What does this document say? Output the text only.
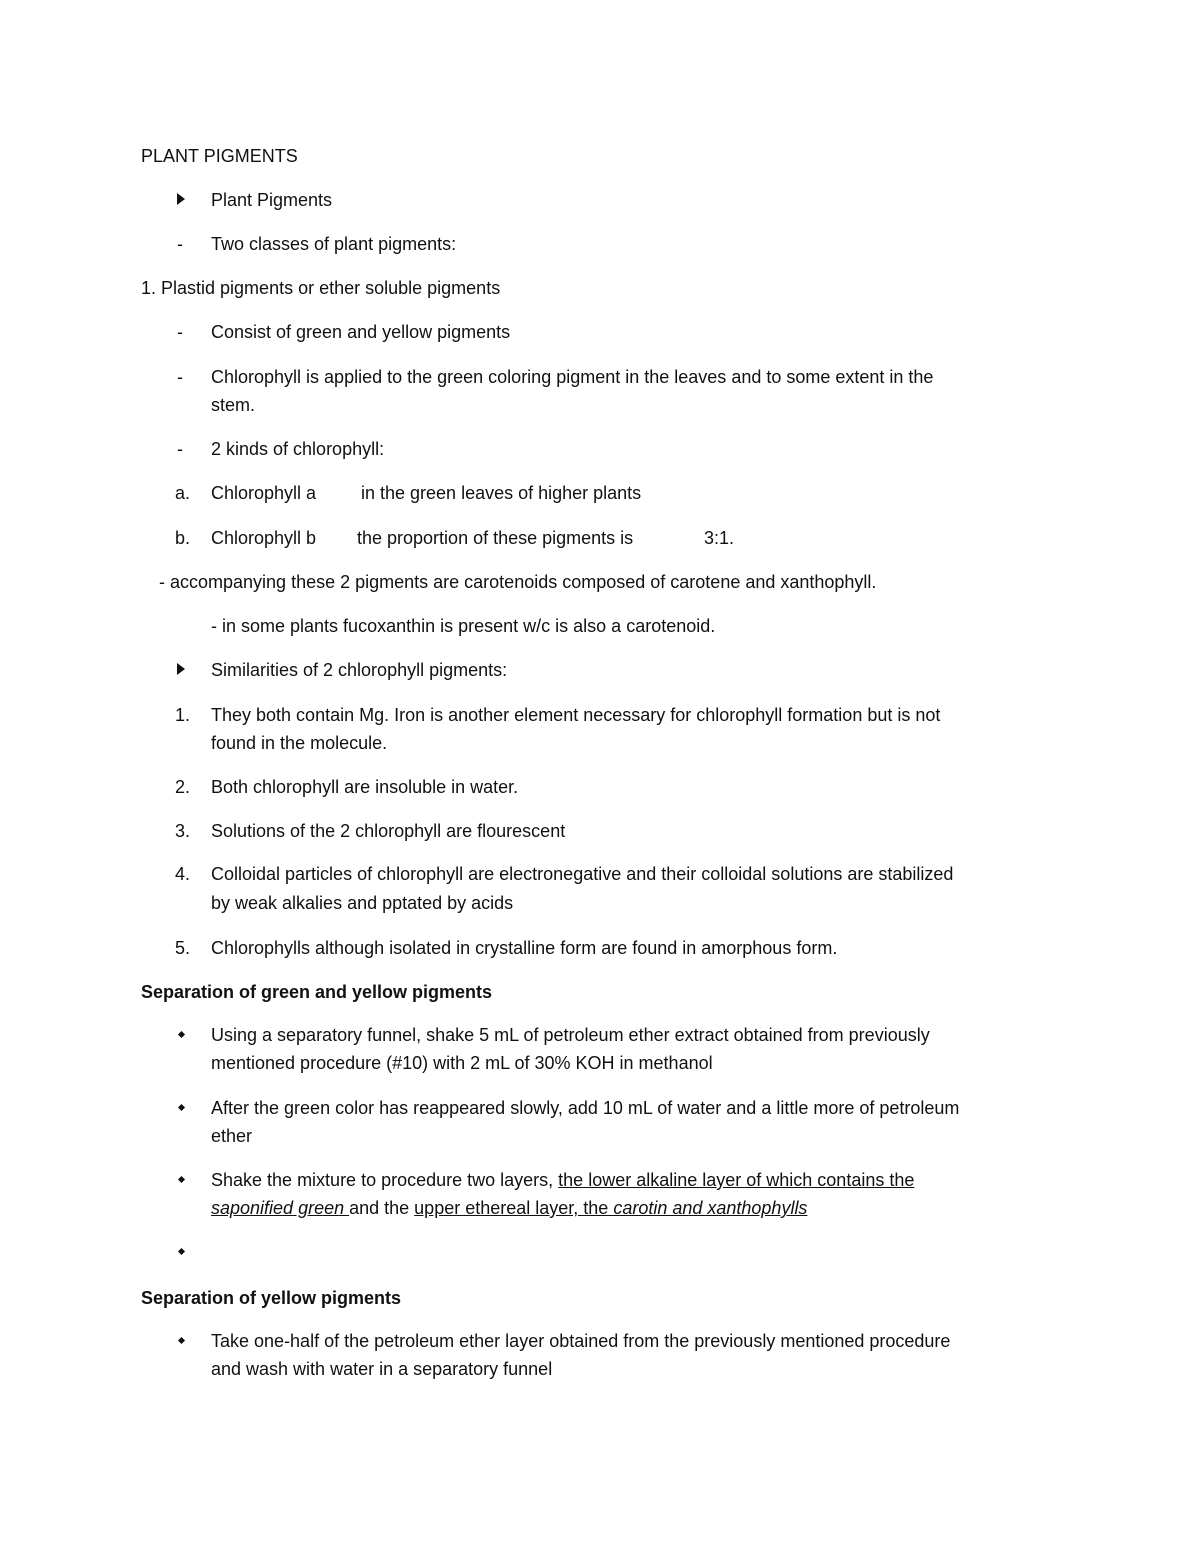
PLANT PIGMENTS
Plant Pigments
- Two classes of plant pigments:
1. Plastid pigments or ether soluble pigments
- Consist of green and yellow pigments
- Chlorophyll is applied to the green coloring pigment in the leaves and to some extent in the
stem.
- 2 kinds of chlorophyll:
a. Chlorophyll a in the green leaves of higher plants
b. Chlorophyll b the proportion of these pigments is	3:1.
- accompanying these 2 pigments are carotenoids composed of carotene and xanthophyll.
- in some plants fucoxanthin is present w/c is also a carotenoid.
Similarities of 2 chlorophyll pigments:
1. They both contain Mg. Iron is another element necessary for chlorophyll formation but is not
found in the molecule.
2. Both chlorophyll are insoluble in water.
3. Solutions of the 2 chlorophyll are flourescent
4. Colloidal particles of chlorophyll are electronegative and their colloidal solutions are stabilized
by weak alkalies and pptated by acids
5. Chlorophylls although isolated in crystalline form are found in amorphous form.
Separation of green and yellow pigments
Using a separatory funnel, shake 5 mL of petroleum ether extract obtained from previously
mentioned procedure (#10) with 2 mL of 30% KOH in methanol
After the green color has reappeared slowly, add 10 mL of water and a little more of petroleum
ether
Shake the mixture to procedure two layers, the lower alkaline layer of which contains the
saponified green and the upper ethereal layer, the carotin and xanthophylls
Separation of yellow pigments
Take one-half of the petroleum ether layer obtained from the previously mentioned procedure
and wash with water in a separatory funnel
